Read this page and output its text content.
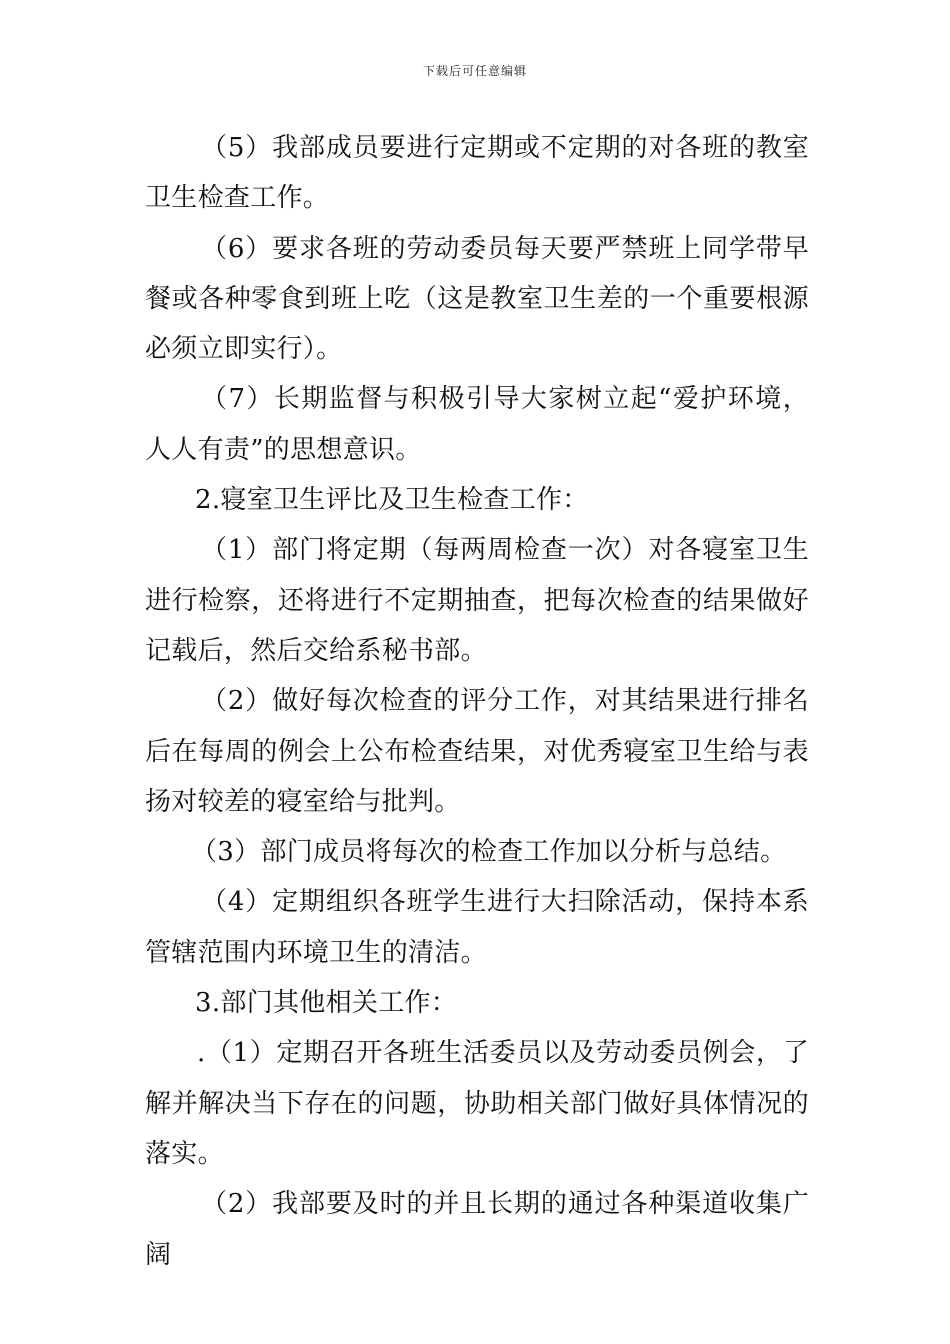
下载后可任意编辑

（5）我部成员要进行定期或不定期的对各班的教室卫生检查工作。

（6）要求各班的劳动委员每天要严禁班上同学带早餐或各种零食到班上吃（这是教室卫生差的一个重要根源必须立即实行）。

（7）长期监督与积极引导大家树立起“爱护环境，人人有责”的思想意识。

2.寝室卫生评比及卫生检查工作：

（1）部门将定期（每两周检查一次）对各寝室卫生进行检察，还将进行不定期抽查，把每次检查的结果做好记载后，然后交给系秘书部。

（2）做好每次检查的评分工作，对其结果进行排名后在每周的例会上公布检查结果，对优秀寝室卫生给与表扬对较差的寝室给与批判。

（3）部门成员将每次的检查工作加以分析与总结。

（4）定期组织各班学生进行大扫除活动，保持本系管辖范围内环境卫生的清洁。

3.部门其他相关工作：

.（1）定期召开各班生活委员以及劳动委员例会，了解并解决当下存在的问题，协助相关部门做好具体情况的落实。

（2）我部要及时的并且长期的通过各种渠道收集广阔
